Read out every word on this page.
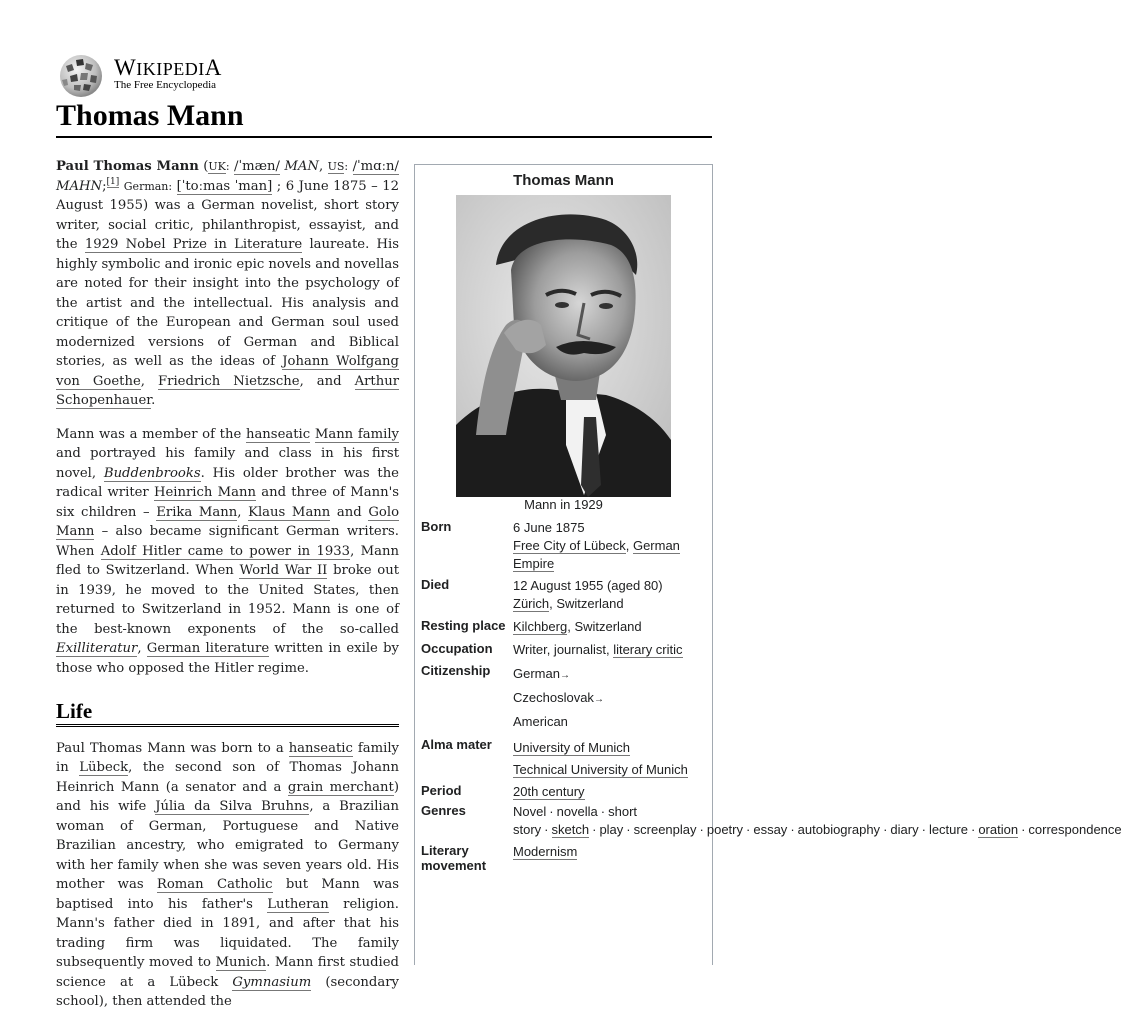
WIKIPEDIA
The Free Encyclopedia
Thomas Mann

Paul Thomas Mann (UK: /ˈmæn/ MAN, US: /ˈmɑːn/ MAHN;[1] German: [ˈtoːmas ˈman] ; 6 June 1875 – 12 August 1955) was a German novelist, short story writer, social critic, philanthropist, essayist, and the 1929 Nobel Prize in Literature laureate. His highly symbolic and ironic epic novels and novellas are noted for their insight into the psychology of the artist and the intellectual. His analysis and critique of the European and German soul used modernized versions of German and Biblical stories, as well as the ideas of Johann Wolfgang von Goethe, Friedrich Nietzsche, and Arthur Schopenhauer.

Mann was a member of the hanseatic Mann family and portrayed his family and class in his first novel, Buddenbrooks. His older brother was the radical writer Heinrich Mann and three of Mann's six children – Erika Mann, Klaus Mann and Golo Mann – also became significant German writers. When Adolf Hitler came to power in 1933, Mann fled to Switzerland. When World War II broke out in 1939, he moved to the United States, then returned to Switzerland in 1952. Mann is one of the best-known exponents of the so-called Exilliteratur, German literature written in exile by those who opposed the Hitler regime.

Life

Paul Thomas Mann was born to a hanseatic family in Lübeck, the second son of Thomas Johann Heinrich Mann (a senator and a grain merchant) and his wife Júlia da Silva Bruhns, a Brazilian woman of German, Portuguese and Native Brazilian ancestry, who emigrated to Germany with her family when she was seven years old. His mother was Roman Catholic but Mann was baptised into his father's Lutheran religion. Mann's father died in 1891, and after that his trading firm was liquidated. The family subsequently moved to Munich. Mann first studied science at a Lübeck Gymnasium (secondary school), then attended the

Thomas Mann
Mann in 1929
Born	6 June 1875
Free City of Lübeck, German Empire
Died	12 August 1955 (aged 80)
Zürich, Switzerland
Resting place Kilchberg, Switzerland
Occupation	Writer, journalist, literary critic
Citizenship	German→
Czechoslovak→
American
Alma mater	University of Munich
Technical University of Munich
Period	20th century
Genres	Novel · novella · short story · sketch · play · screenplay · poetry · essay · autobiography · diary · lecture · oration · correspondence
Literary movement
Modernism
